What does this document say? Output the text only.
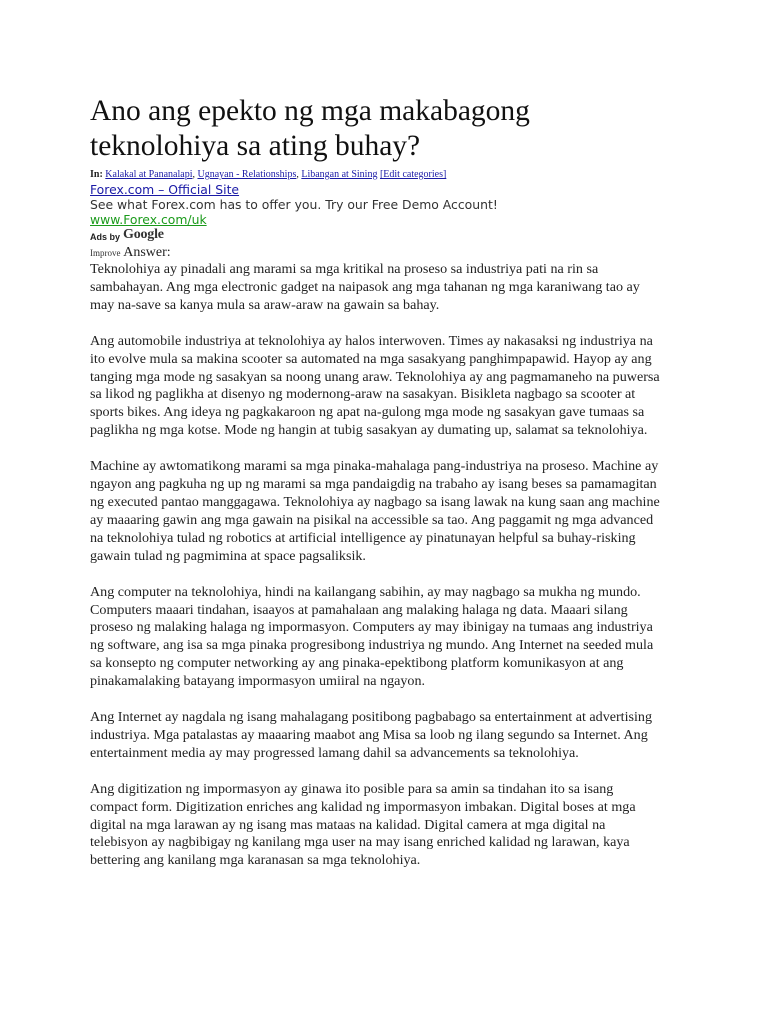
Ano ang epekto ng mga makabagong teknolohiya sa ating buhay?
In: Kalakal at Pananalapi, Ugnayan - Relationships, Libangan at Sining [Edit categories]
Forex.com – Official Site
See what Forex.com has to offer you. Try our Free Demo Account!
www.Forex.com/uk
Ads by Google
Improve Answer:

Teknolohiya ay pinadali ang marami sa mga kritikal na proseso sa industriya pati na rin sa sambahayan. Ang mga electronic gadget na naipasok ang mga tahanan ng mga karaniwang tao ay may na-save sa kanya mula sa araw-araw na gawain sa bahay.

Ang automobile industriya at teknolohiya ay halos interwoven. Times ay nakasaksi ng industriya na ito evolve mula sa makina scooter sa automated na mga sasakyang panghimpapawid. Hayop ay ang tanging mga mode ng sasakyan sa noong unang araw. Teknolohiya ay ang pagmamaneho na puwersa sa likod ng paglikha at disenyo ng modernong-araw na sasakyan. Bisikleta nagbago sa scooter at sports bikes. Ang ideya ng pagkakaroon ng apat na-gulong mga mode ng sasakyan gave tumaas sa paglikha ng mga kotse. Mode ng hangin at tubig sasakyan ay dumating up, salamat sa teknolohiya.

Machine ay awtomatikong marami sa mga pinaka-mahalaga pang-industriya na proseso. Machine ay ngayon ang pagkuha ng up ng marami sa mga pandaigdig na trabaho ay isang beses sa pamamagitan ng executed pantao manggagawa. Teknolohiya ay nagbago sa isang lawak na kung saan ang machine ay maaaring gawin ang mga gawain na pisikal na accessible sa tao. Ang paggamit ng mga advanced na teknolohiya tulad ng robotics at artificial intelligence ay pinatunayan helpful sa buhay-risking gawain tulad ng pagmimina at space pagsaliksik.

Ang computer na teknolohiya, hindi na kailangang sabihin, ay may nagbago sa mukha ng mundo. Computers maaari tindahan, isaayos at pamahalaan ang malaking halaga ng data. Maaari silang proseso ng malaking halaga ng impormasyon. Computers ay may ibinigay na tumaas ang industriya ng software, ang isa sa mga pinaka progresibong industriya ng mundo. Ang Internet na seeded mula sa konsepto ng computer networking ay ang pinaka-epektibong platform komunikasyon at ang pinakamalaking batayang impormasyon umiiral na ngayon.

Ang Internet ay nagdala ng isang mahalagang positibong pagbabago sa entertainment at advertising industriya. Mga patalastas ay maaaring maabot ang Misa sa loob ng ilang segundo sa Internet. Ang entertainment media ay may progressed lamang dahil sa advancements sa teknolohiya.

Ang digitization ng impormasyon ay ginawa ito posible para sa amin sa tindahan ito sa isang compact form. Digitization enriches ang kalidad ng impormasyon imbakan. Digital boses at mga digital na mga larawan ay ng isang mas mataas na kalidad. Digital camera at mga digital na telebisyon ay nagbibigay ng kanilang mga user na may isang enriched kalidad ng larawan, kaya bettering ang kanilang mga karanasan sa mga teknolohiya.
